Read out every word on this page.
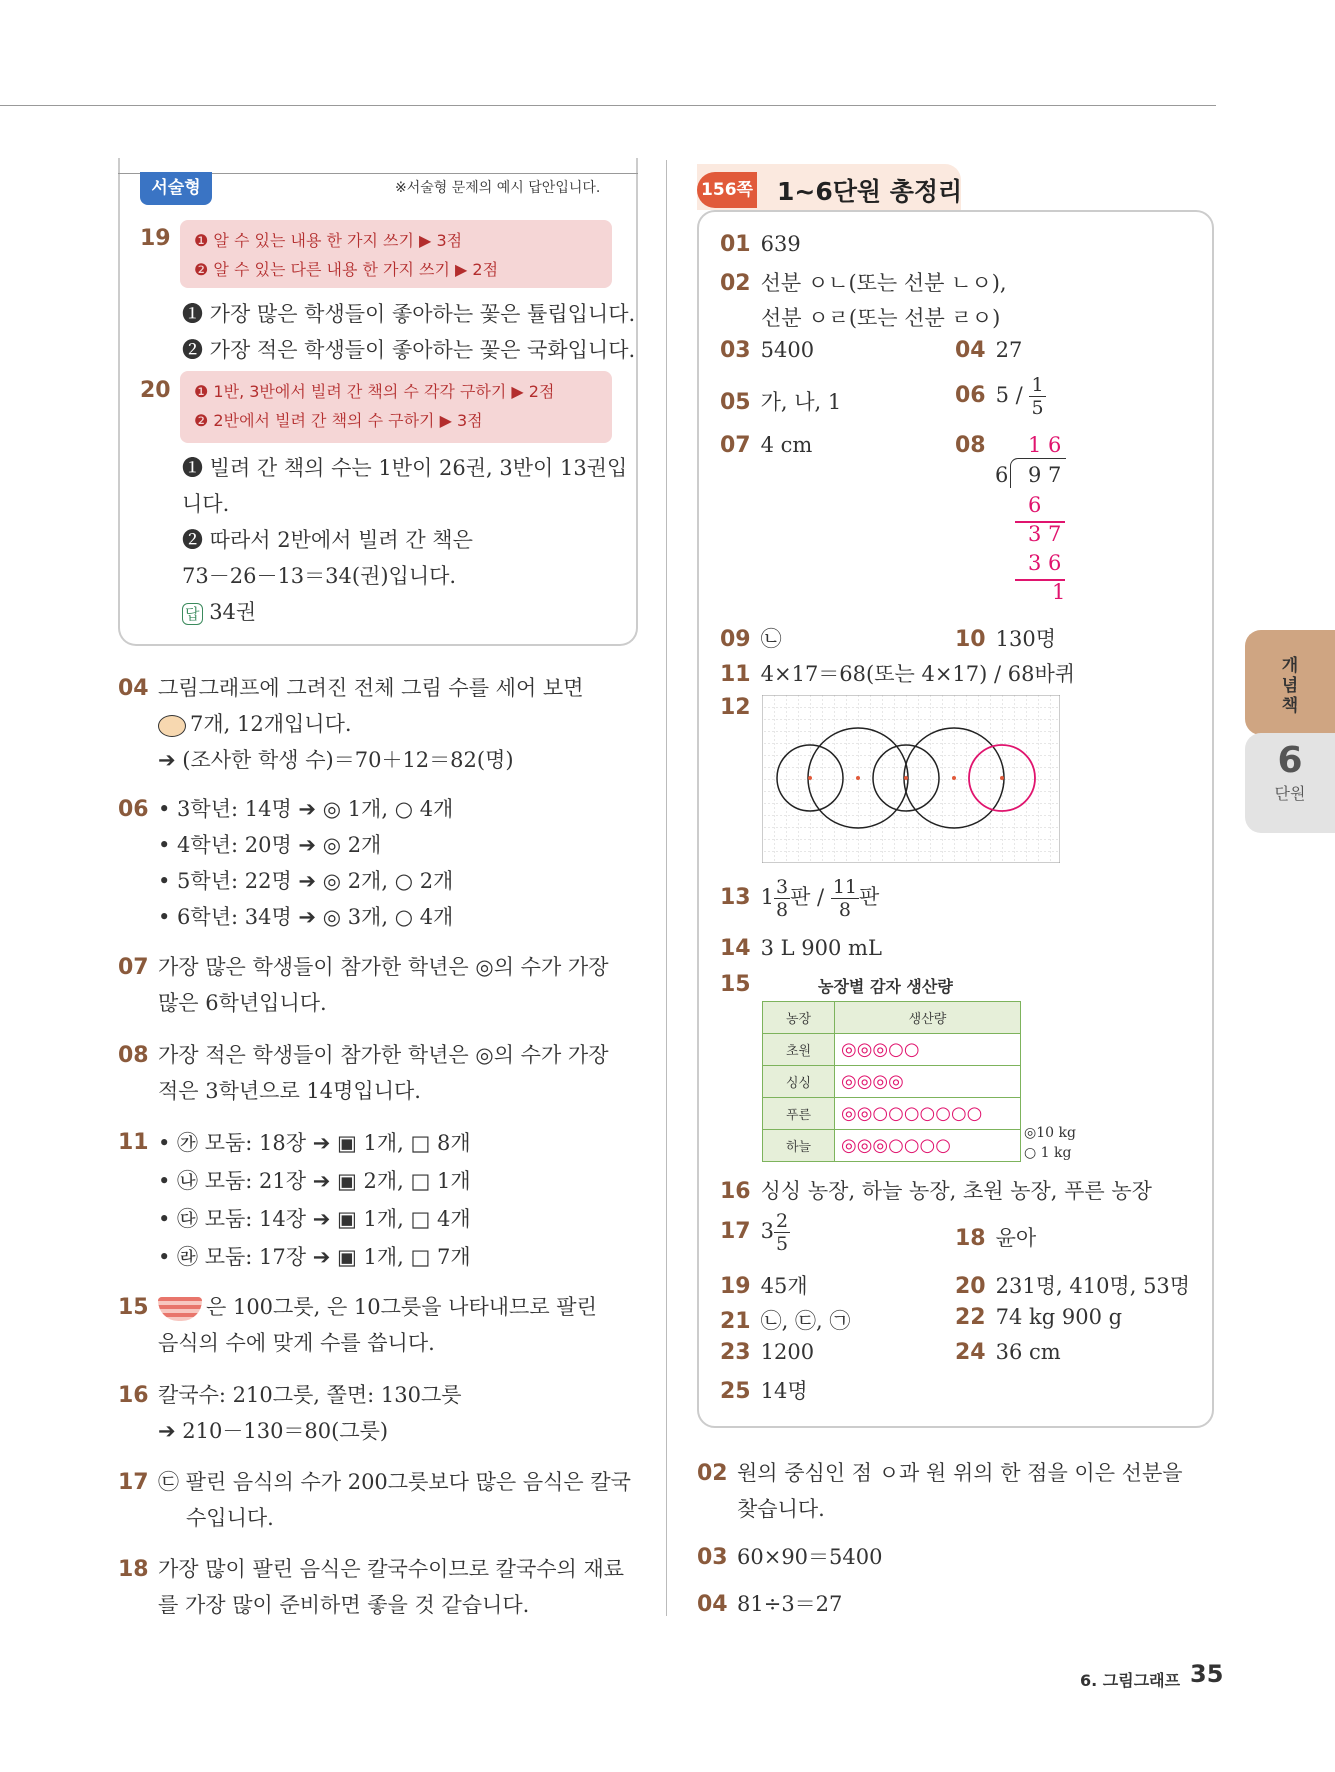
서술형	※서술형 문제의 예시 답안입니다.
19 ❶ 알 수 있는 내용 한 가지 쓰기 ▶ 3점
❷ 알 수 있는 다른 내용 한 가지 쓰기 ▶ 2점
❶ 가장 많은 학생들이 좋아하는 꽃은 튤립입니다.
❷ 가장 적은 학생들이 좋아하는 꽃은 국화입니다.
20 ❶ 1반, 3반에서 빌려 간 책의 수 각각 구하기 ▶ 2점
❷ 2반에서 빌려 간 책의 수 구하기 ▶ 3점
❶ 빌려 간 책의 수는 1반이 26권, 3반이 13권입
니다.
❷ 따라서 2반에서 빌려 간 책은
73－26－13＝34(권)입니다.
답 34권
04 그림그래프에 그려진 전체 그림 수를 세어 보면
7개, 12개입니다.
➔ (조사한 학생 수)＝70＋12＝82(명)
06 • 3학년: 14명 ➔ ◎ 1개, ○ 4개
• 4학년: 20명 ➔ ◎ 2개
• 5학년: 22명 ➔ ◎ 2개, ○ 2개
• 6학년: 34명 ➔ ◎ 3개, ○ 4개
07 가장 많은 학생들이 참가한 학년은 ◎의 수가 가장
많은 6학년입니다.
08 가장 적은 학생들이 참가한 학년은 ◎의 수가 가장
적은 3학년으로 14명입니다.
11 • ㉮ 모둠: 18장 ➔ ▣ 1개, □ 8개
• ㉯ 모둠: 21장 ➔ ▣ 2개, □ 1개
• ㉰ 모둠: 14장 ➔ ▣ 1개, □ 4개
• ㉱ 모둠: 17장 ➔ ▣ 1개, □ 7개
15	은 100그릇, 은 10그릇을 나타내므로 팔린
음식의 수에 맞게 수를 씁니다.
16 칼국수: 210그릇, 쫄면: 130그릇
➔ 210－130＝80(그릇)
17 ㉢ 팔린 음식의 수가 200그릇보다 많은 음식은 칼국
수입니다.
18 가장 많이 팔린 음식은 칼국수이므로 칼국수의 재료
를 가장 많이 준비하면 좋을 것 같습니다.
156쪽 1~6단원 총정리
01 639
02 선분 ㅇㄴ(또는 선분 ㄴㅇ),
선분 ㅇㄹ(또는 선분 ㄹㅇ)
03 5400	04 27
05 가, 나, 1	06 $5 / \frac{1}{5}$
07 4 cm	08	1 6
6 9 7
6
3 7
3 6
1
09 ㉡	10 130명
11 4×17＝68(또는 4×17) / 68바퀴
12
13 $1 \frac{3}{8}$ 판 / $\frac{11}{8}$ 판
14 3 L 900 mL
15	농장별 감자 생산량
농장	생산량
초원	◎◎◎○○
싱싱	◎◎◎◎
푸른	◎◎○○○○○○○
하늘	◎◎◎○○○○
◎10 kg
○ 1 kg
16 싱싱 농장, 하늘 농장, 초원 농장, 푸른 농장
17 $3 \frac{2}{5}$	18 윤아
19 45개	20 231명, 410명, 53명
21 ㉡, ㉢, ㉠	22 74 kg 900 g
23 1200	24 36 cm
25 14명
02 원의 중심인 점 ㅇ과 원 위의 한 점을 이은 선분을
찾습니다.
03 60×90＝5400
04 81÷3＝27
개념책
6
단원
6. 그림그래프 35
